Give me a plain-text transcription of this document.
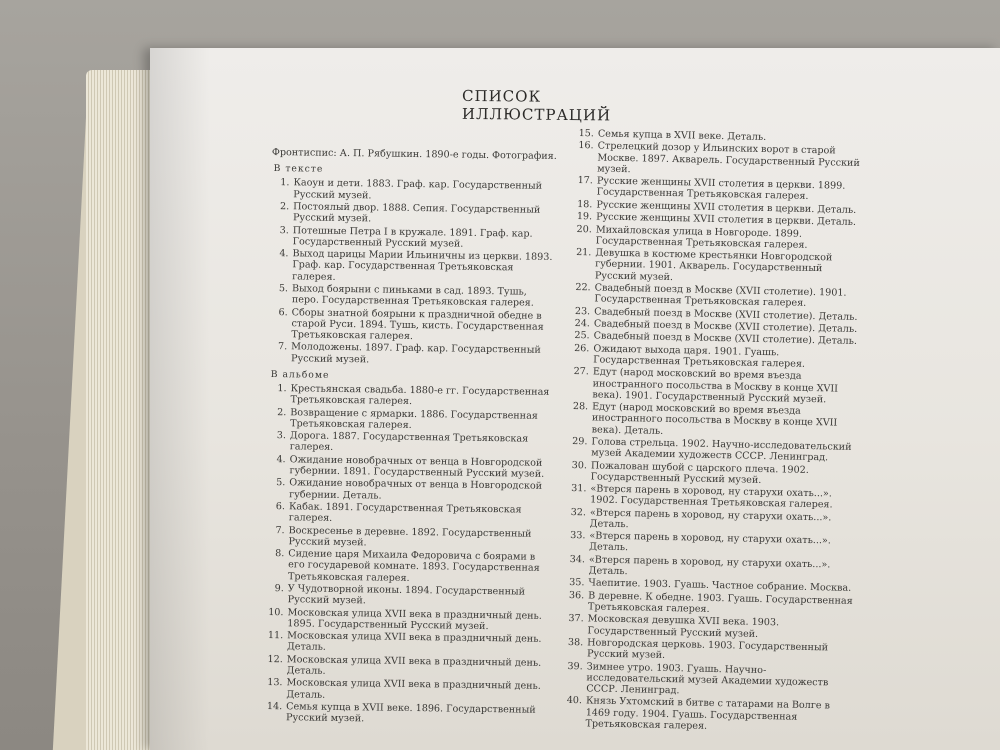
СПИСОК ИЛЛЮСТРАЦИЙ
Фронтиспис: А. П. Рябушкин. 1890-е годы. Фотография.
В тексте
1. Каоун и дети. 1883. Граф. кар. Государственный Русский музей.
2. Постоялый двор. 1888. Сепия. Государственный Русский музей.
3. Потешные Петра I в кружале. 1891. Граф. кар. Государственный Русский музей.
4. Выход царицы Марии Ильиничны из церкви. 1893. Граф. кар. Государственная Третьяковская галерея.
5. Выход боярыни с пиньками в сад. 1893. Тушь, перо. Государственная Третьяковская галерея.
6. Сборы знатной боярыни к праздничной обедне в старой Руси. 1894. Тушь, кисть. Государственная Третьяковская галерея.
7. Молодожены. 1897. Граф. кар. Государственный Русский музей.
В альбоме
1. Крестьянская свадьба. 1880-е гг. Государственная Третьяковская галерея.
2. Возвращение с ярмарки. 1886. Государственная Третьяковская галерея.
3. Дорога. 1887. Государственная Третьяковская галерея.
4. Ожидание новобрачных от венца в Новгородской губернии. 1891. Государственный Русский музей.
5. Ожидание новобрачных от венца в Новгородской губернии. Деталь.
6. Кабак. 1891. Государственная Третьяковская галерея.
7. Воскресенье в деревне. 1892. Государственный Русский музей.
8. Сидение царя Михаила Федоровича с боярами в его государевой комнате. 1893. Государственная Третьяковская галерея.
9. У Чудотворной иконы. 1894. Государственный Русский музей.
10. Московская улица XVII века в праздничный день. 1895. Государственный Русский музей.
11. Московская улица XVII века в праздничный день. Деталь.
12. Московская улица XVII века в праздничный день. Деталь.
13. Московская улица XVII века в праздничный день. Деталь.
14. Семья купца в XVII веке. 1896. Государственный Русский музей.
15. Семья купца в XVII веке. Деталь.
16. Стрелецкий дозор у Ильинских ворот в старой Москве. 1897. Акварель. Государственный Русский музей.
17. Русские женщины XVII столетия в церкви. 1899. Государственная Третьяковская галерея.
18. Русские женщины XVII столетия в церкви. Деталь.
19. Русские женщины XVII столетия в церкви. Деталь.
20. Михайловская улица в Новгороде. 1899. Государственная Третьяковская галерея.
21. Девушка в костюме крестьянки Новгородской губернии. 1901. Акварель. Государственный Русский музей.
22. Свадебный поезд в Москве (XVII столетие). 1901. Государственная Третьяковская галерея.
23. Свадебный поезд в Москве (XVII столетие). Деталь.
24. Свадебный поезд в Москве (XVII столетие). Деталь.
25. Свадебный поезд в Москве (XVII столетие). Деталь.
26. Ожидают выхода царя. 1901. Гуашь. Государственная Третьяковская галерея.
27. Едут (народ московский во время въезда иностранного посольства в Москву в конце XVII века). 1901. Государственный Русский музей.
28. Едут (народ московский во время въезда иностранного посольства в Москву в конце XVII века). Деталь.
29. Голова стрельца. 1902. Научно-исследовательский музей Академии художеств СССР. Ленинград.
30. Пожалован шубой с царского плеча. 1902. Государственный Русский музей.
31. «Втерся парень в хоровод, ну старухи охать...». 1902. Государственная Третьяковская галерея.
32. «Втерся парень в хоровод, ну старухи охать...». Деталь.
33. «Втерся парень в хоровод, ну старухи охать...». Деталь.
34. «Втерся парень в хоровод, ну старухи охать...». Деталь.
35. Чаепитие. 1903. Гуашь. Частное собрание. Москва.
36. В деревне. К обедне. 1903. Гуашь. Государственная Третьяковская галерея.
37. Московская девушка XVII века. 1903. Государственный Русский музей.
38. Новгородская церковь. 1903. Государственный Русский музей.
39. Зимнее утро. 1903. Гуашь. Научно-исследовательский музей Академии художеств СССР. Ленинград.
40. Князь Ухтомский в битве с татарами на Волге в 1469 году. 1904. Гуашь. Государственная Третьяковская галерея.
